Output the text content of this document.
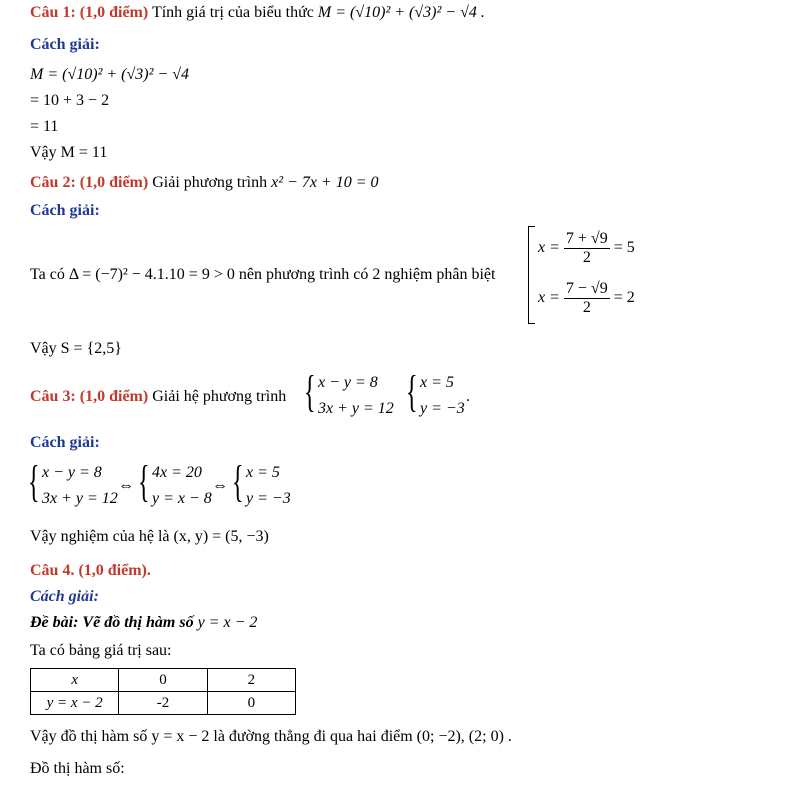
Câu 1: (1,0 điểm) Tính giá trị của biểu thức M = (√10)² + (√3)² − √4 .
Cách giải:
M = (√10)² + (√3)² − √4
= 10 + 3 − 2
= 11
Vậy M = 11
Câu 2: (1,0 điểm) Giải phương trình x² − 7x + 10 = 0
Cách giải:
Ta có Δ = (−7)² − 4.1.10 = 9 > 0 nên phương trình có 2 nghiệm phân biệt
$x = \frac{7 + √9}{2} = 5$
$x = \frac{7 - √9}{2} = 2$
Vậy S = {2,5}
Câu 3: (1,0 điểm) Giải hệ phương trình { x − y = 8
3x + y = 12 { x = 5
y = −3
.
Cách giải:
{ x − y = 8
3x + y = 12
⇔ { 4x = 20
y = x − 8
⇔ { x = 5
y = −3
Vậy nghiệm của hệ là (x, y) = (5, −3)
Câu 4. (1,0 điểm).
Cách giải:
Đề bài: Vẽ đồ thị hàm số y = x − 2
Ta có bảng giá trị sau:
x	0	2
y = x − 2	-2	0
Vậy đồ thị hàm số y = x − 2 là đường thẳng đi qua hai điểm (0; −2), (2; 0) .
Đồ thị hàm số:
